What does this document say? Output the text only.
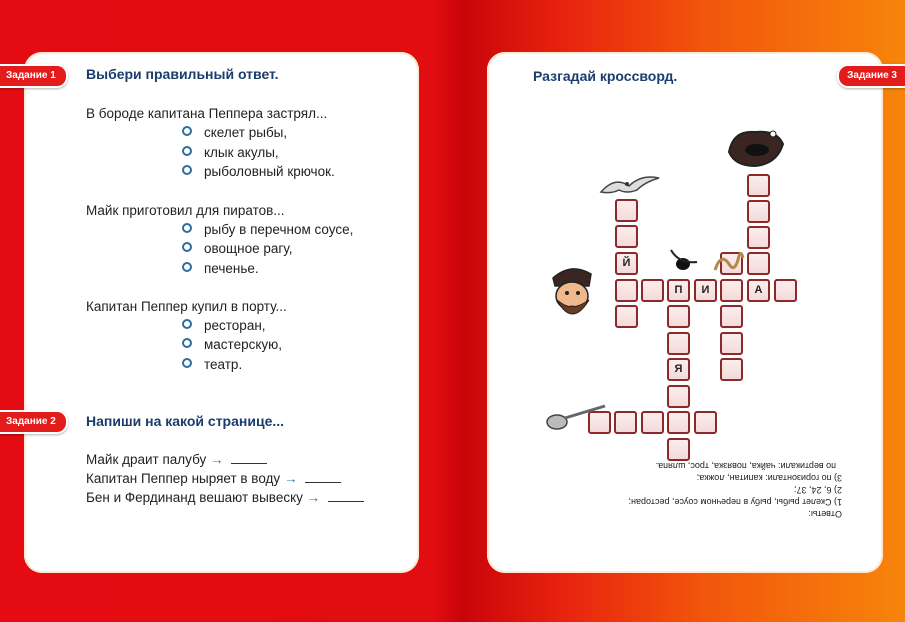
Задание 1	Выбери правильный ответ.
В бороде капитана Пеппера застрял...
скелет рыбы,
клык акулы,
рыболовный крючок.
Майк приготовил для пиратов...
рыбу в перечном соусе,
овощное рагу,
печенье.
Капитан Пеппер купил в порту...
ресторан,
мастерскую,
театр.
Задание 2	Напиши на какой странице...
Майк драит палубу →
Капитан Пеппер ныряет в воду →
Бен и Фердинанд вешают вывеску →
Задание 3
Разгадай кроссворд.
Й
П	И	А
Я
Ответы:
1) Скелет рыбы, рыбу в перечном соусе, ресторан;
2) 6, 24, 37;
3) по горизонтали: капитан, ложка;
по вертикали: чайка, повязка, трос, шляпа.
